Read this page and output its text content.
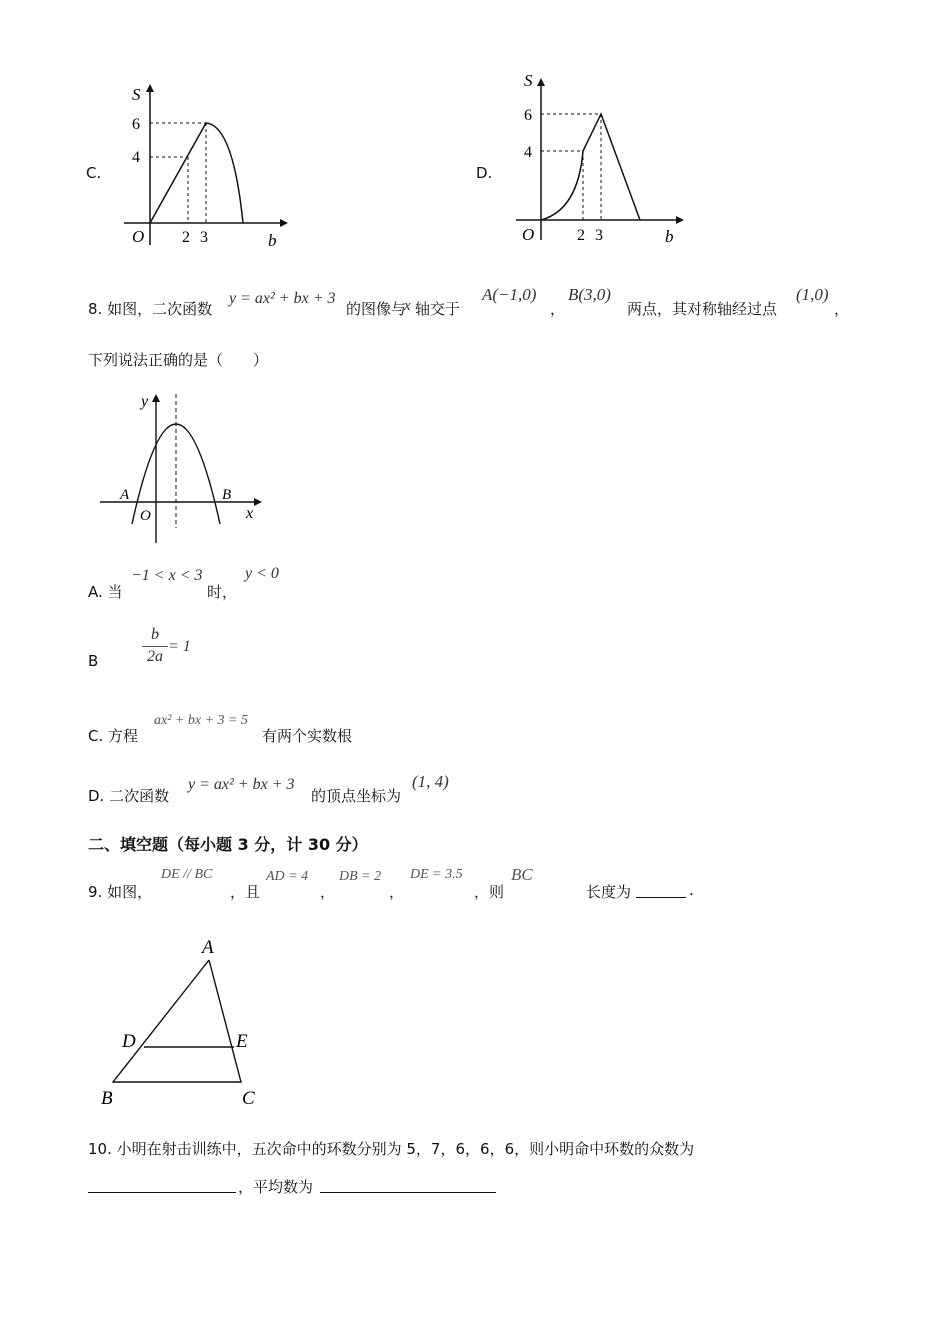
C.
S
6
4
O 2 3	b
D.
S
6
4
O	2 3	b
8. 如图，二次函数
y = ax² + bx + 3
的图像与
x 轴交于
A(−1,0)
，
B(3,0)
两点，其对称轴经过点
(1,0)
，
下列说法正确的是（　　）
y
A	B
O	x
A. 当
−1 < x < 3
时，
y < 0
B
b
2a
= 1
C. 方程
ax² + bx + 3 = 5
有两个实数根
D. 二次函数
y = ax² + bx + 3
的顶点坐标为
(1, 4)
二、填空题（每小题 3 分，计 30 分）
9. 如图，
DE // BC
，且
AD = 4
，
DB = 2
，
DE = 3.5
，则
BC
长度为	.
A
D	E
B	C
10. 小明在射击训练中，五次命中的环数分别为 5，7，6，6，6，则小明命中环数的众数为
，平均数为
